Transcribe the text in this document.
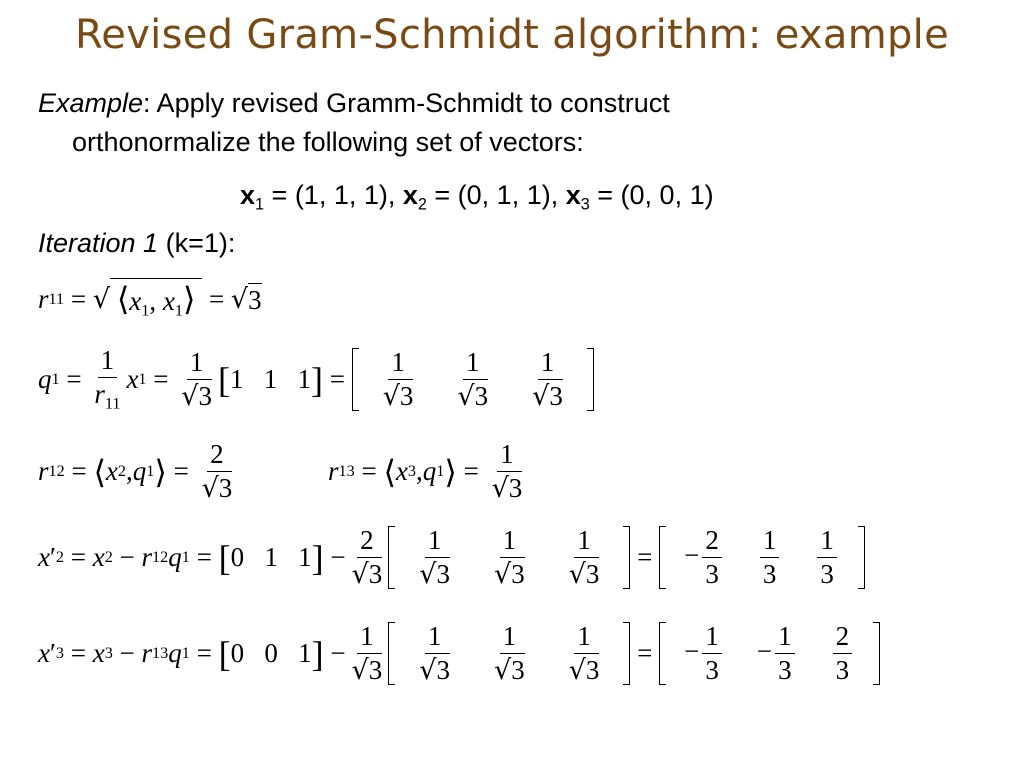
Revised Gram-Schmidt algorithm: example
Example: Apply revised Gramm-Schmidt to construct
orthonormalize the following set of vectors:
$x_1 = (1$, 1, 1), $x_2 = (0$, 1, 1), $x_3 = (0$, 0, 1)
Iteration 1 (k=1):
r 11 = √ $⟨x_1$, $x_1⟩$ = √ 3
q $1 = \frac{1}{r_{11}}$ x $1 = \frac{1}{√3}$ [ 1   1   1 ] = $\frac{1}{√3} \frac{1}{√3} \frac{1}{√3}$
r 12 = ⟨ x 2 , q 1 ⟩ = $\frac{2}{√3}$	r 13 = ⟨ x 3 , q 1 ⟩ = $\frac{1}{√3}$
x ′ 2 = x 2 − r 12 q 1 = [ 0   1   1 ] − $\frac{2}{√3} \frac{1}{√3} \frac{1}{√3} \frac{1}{√3}$ = − $\frac{2}{3} \frac{1}{3} \frac{1}{3}$
x ′ 3 = x 3 − r 13 q 1 = [ 0   0   1 ] − $\frac{1}{√3} \frac{1}{√3} \frac{1}{√3} \frac{1}{√3}$ = − $\frac{1}{3} - \frac{1}{3} \frac{2}{3}$
